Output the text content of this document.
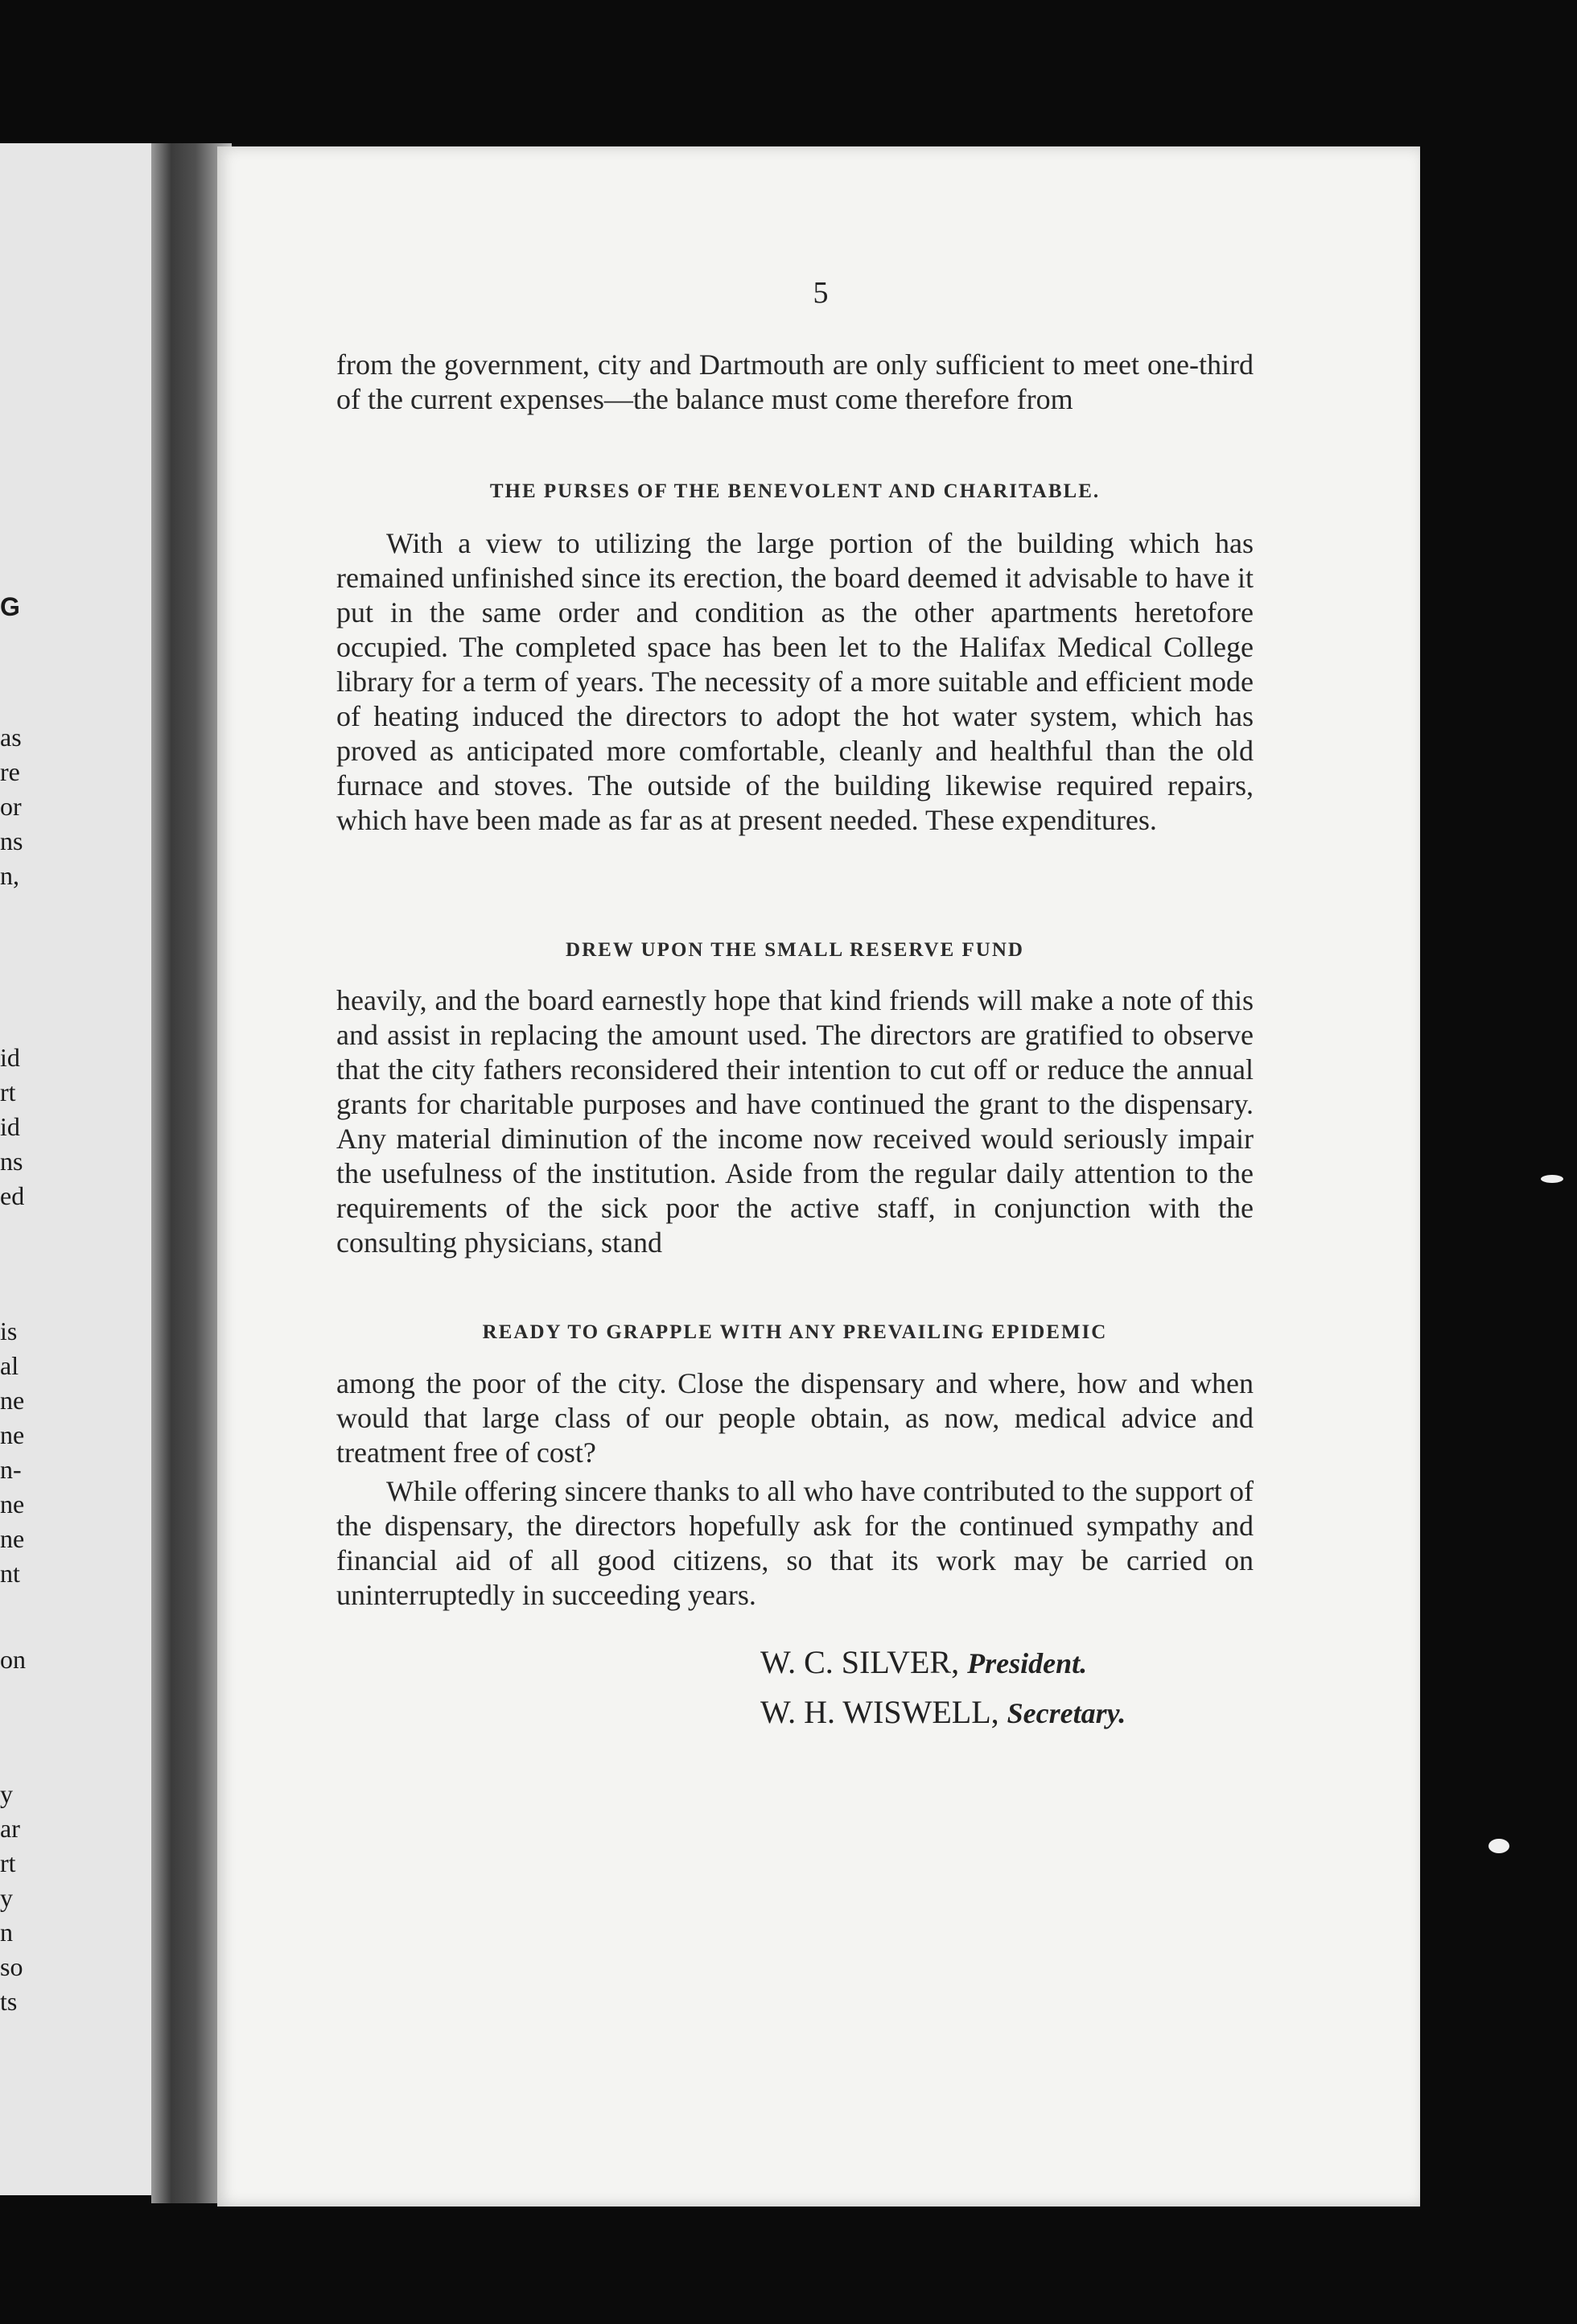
G
as
re
or
ns
n,
id
rt
id
ns
ed
is
al
ne
ne
n-
ne
ne
nt
on
y
ar
rt
y
n
so
ts
5
from the government, city and Dartmouth are only sufficient to meet one-third of the current expenses—the balance must come therefore from
THE PURSES OF THE BENEVOLENT AND CHARITABLE.
With a view to utilizing the large portion of the building which has remained unfinished since its erection, the board deemed it advisable to have it put in the same order and condition as the other apartments heretofore occupied. The completed space has been let to the Halifax Medical College library for a term of years. The necessity of a more suitable and efficient mode of heating induced the directors to adopt the hot water system, which has proved as anticipated more comfortable, cleanly and healthful than the old furnace and stoves. The outside of the building likewise required repairs, which have been made as far as at present needed. These expenditures.
DREW UPON THE SMALL RESERVE FUND
heavily, and the board earnestly hope that kind friends will make a note of this and assist in replacing the amount used. The directors are gratified to observe that the city fathers reconsidered their intention to cut off or reduce the annual grants for charitable purposes and have continued the grant to the dispensary. Any material diminution of the income now received would seriously impair the usefulness of the institution. Aside from the regular daily attention to the requirements of the sick poor the active staff, in conjunction with the consulting physicians, stand
READY TO GRAPPLE WITH ANY PREVAILING EPIDEMIC
among the poor of the city. Close the dispensary and where, how and when would that large class of our people obtain, as now, medical advice and treatment free of cost?
While offering sincere thanks to all who have contributed to the support of the dispensary, the directors hopefully ask for the continued sympathy and financial aid of all good citizens, so that its work may be carried on uninterruptedly in succeeding years.
W. C. SILVER, President.
W. H. WISWELL, Secretary.
